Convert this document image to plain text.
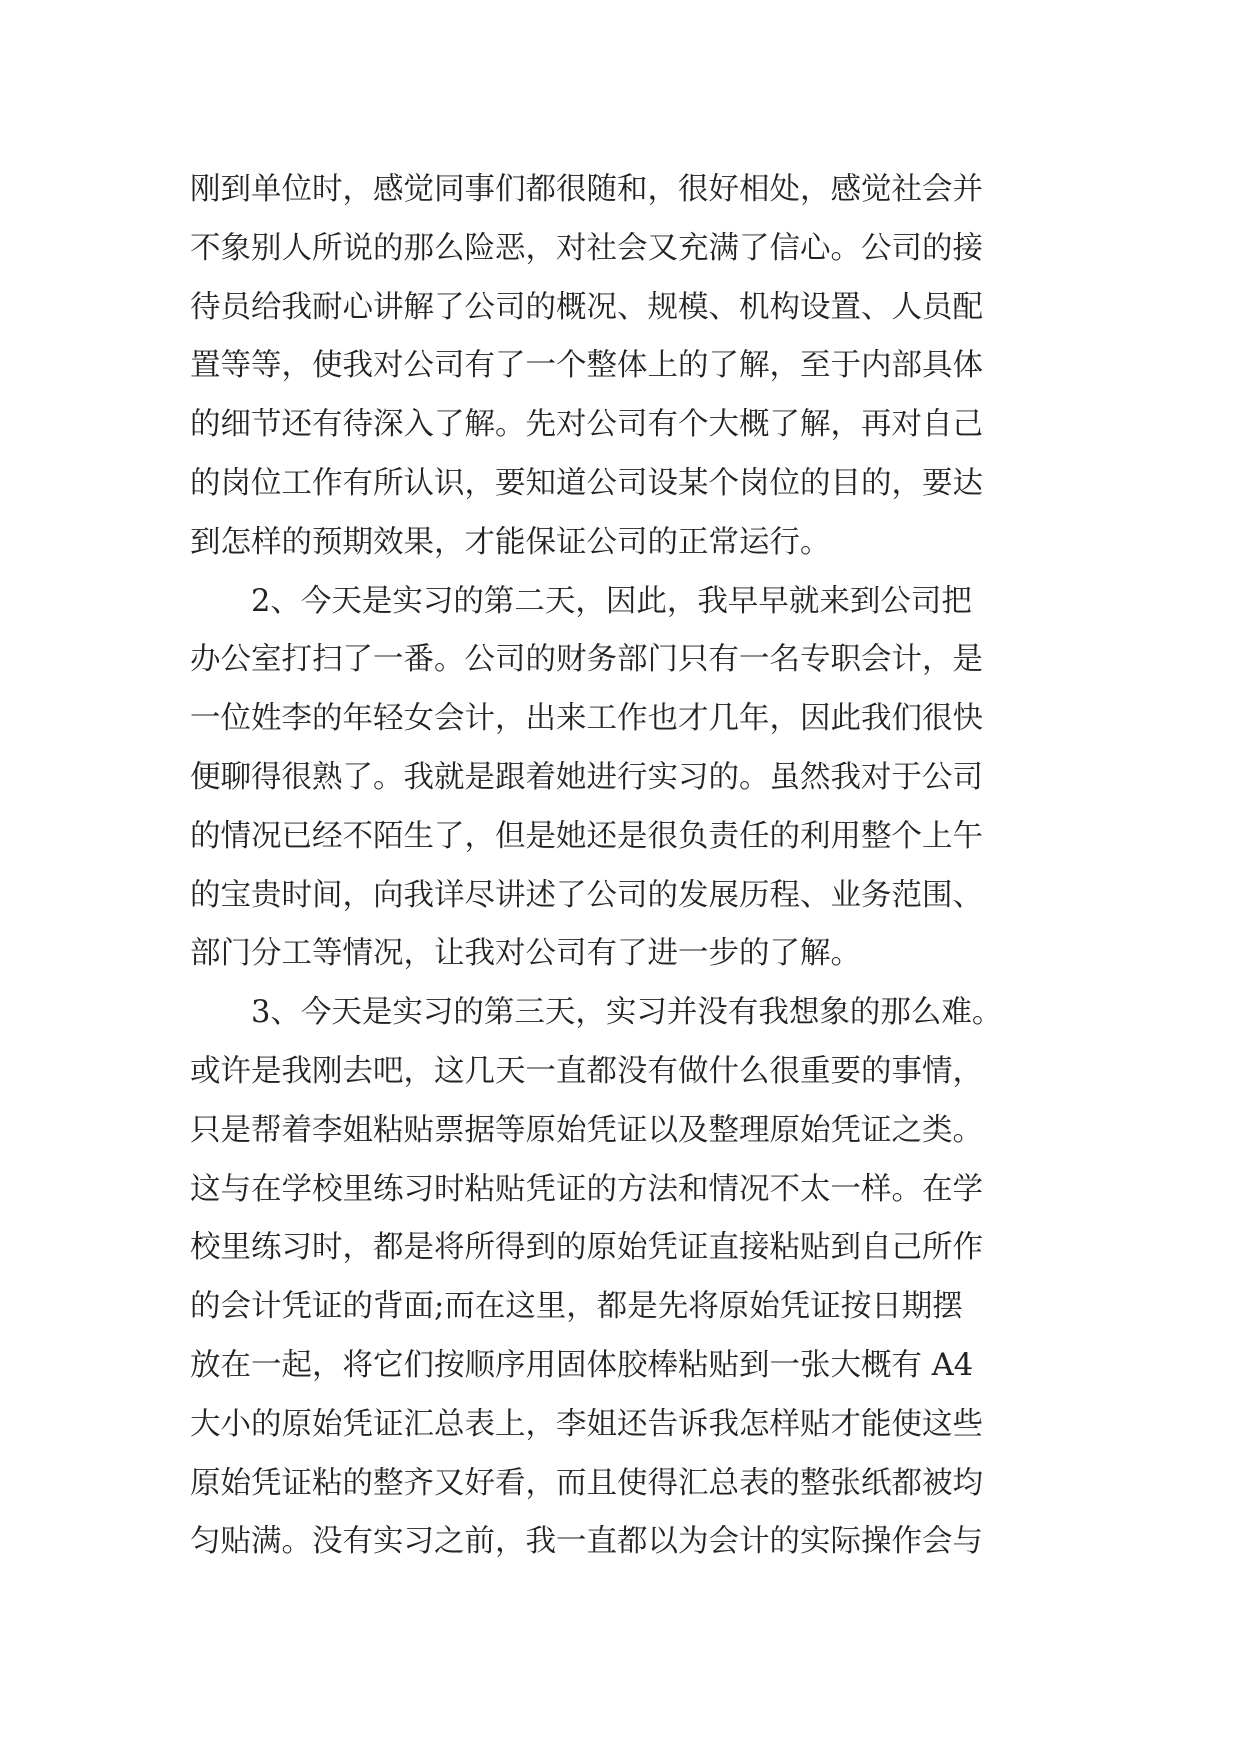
刚到单位时，感觉同事们都很随和，很好相处，感觉社会并
不象别人所说的那么险恶，对社会又充满了信心。公司的接
待员给我耐心讲解了公司的概况、规模、机构设置、人员配
置等等，使我对公司有了一个整体上的了解，至于内部具体
的细节还有待深入了解。先对公司有个大概了解，再对自己
的岗位工作有所认识，要知道公司设某个岗位的目的，要达
到怎样的预期效果，才能保证公司的正常运行。
2、今天是实习的第二天，因此，我早早就来到公司把
办公室打扫了一番。公司的财务部门只有一名专职会计，是
一位姓李的年轻女会计，出来工作也才几年，因此我们很快
便聊得很熟了。我就是跟着她进行实习的。虽然我对于公司
的情况已经不陌生了，但是她还是很负责任的利用整个上午
的宝贵时间，向我详尽讲述了公司的发展历程、业务范围、
部门分工等情况，让我对公司有了进一步的了解。
3、今天是实习的第三天，实习并没有我想象的那么难。
或许是我刚去吧，这几天一直都没有做什么很重要的事情，
只是帮着李姐粘贴票据等原始凭证以及整理原始凭证之类。
这与在学校里练习时粘贴凭证的方法和情况不太一样。在学
校里练习时，都是将所得到的原始凭证直接粘贴到自己所作
的会计凭证的背面;而在这里，都是先将原始凭证按日期摆
放在一起，将它们按顺序用固体胶棒粘贴到一张大概有 A4
大小的原始凭证汇总表上，李姐还告诉我怎样贴才能使这些
原始凭证粘的整齐又好看，而且使得汇总表的整张纸都被均
匀贴满。没有实习之前，我一直都以为会计的实际操作会与
